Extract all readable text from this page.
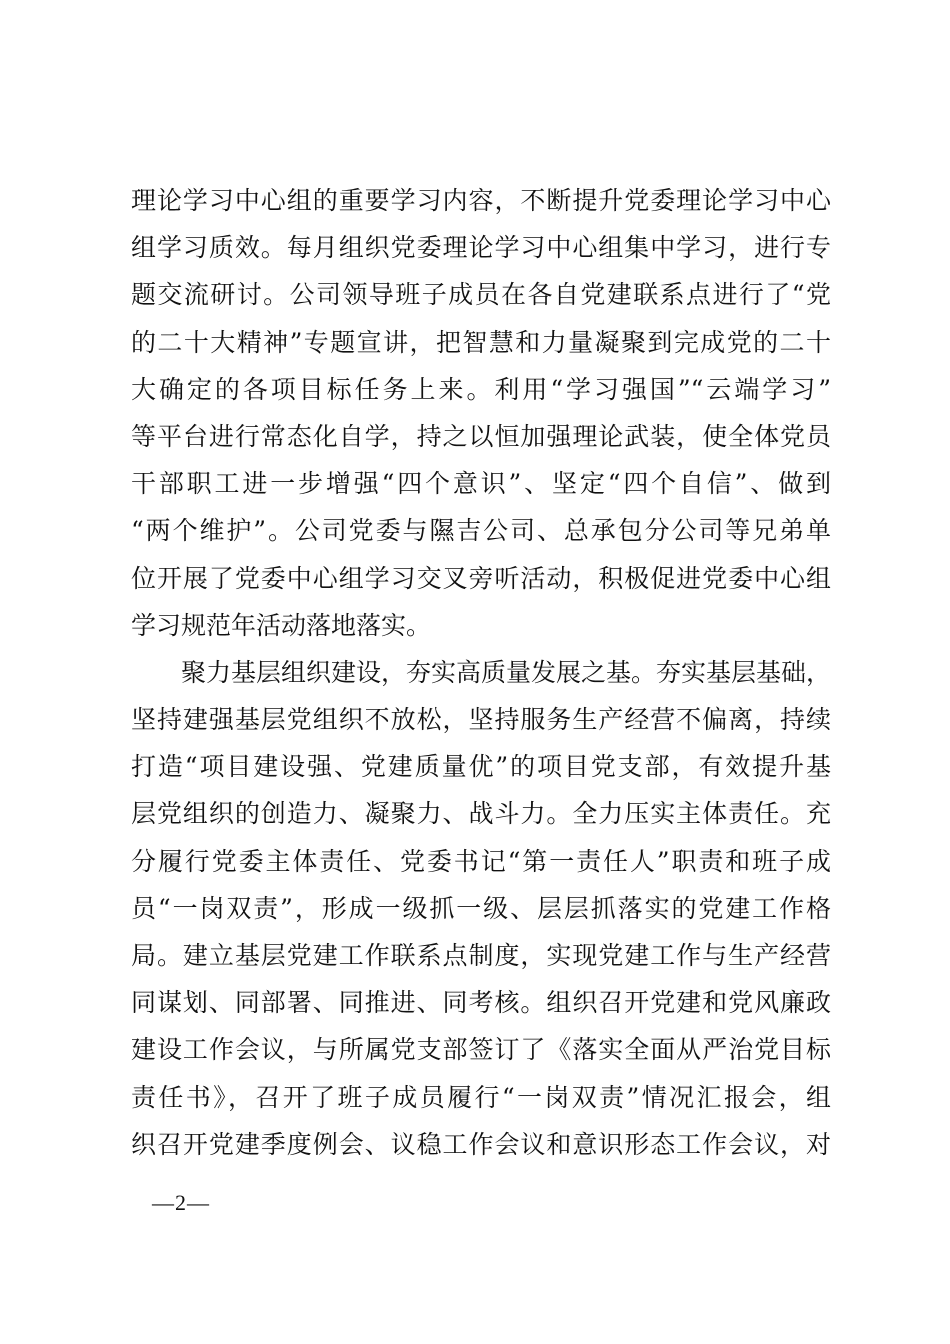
理论学习中心组的重要学习内容，不断提升党委理论学习中心
组学习质效。每月组织党委理论学习中心组集中学习，进行专
题交流研讨。公司领导班子成员在各自党建联系点进行了“党
的二十大精神”专题宣讲，把智慧和力量凝聚到完成党的二十
大确定的各项目标任务上来。利用“学习强国”“云端学习”
等平台进行常态化自学，持之以恒加强理论武装，使全体党员
干部职工进一步增强“四个意识”、坚定“四个自信”、做到
“两个维护”。公司党委与隰吉公司、总承包分公司等兄弟单
位开展了党委中心组学习交叉旁听活动，积极促进党委中心组
学习规范年活动落地落实。
聚力基层组织建设，夯实高质量发展之基。夯实基层基础，
坚持建强基层党组织不放松，坚持服务生产经营不偏离，持续
打造“项目建设强、党建质量优”的项目党支部，有效提升基
层党组织的创造力、凝聚力、战斗力。全力压实主体责任。充
分履行党委主体责任、党委书记“第一责任人”职责和班子成
员“一岗双责”，形成一级抓一级、层层抓落实的党建工作格
局。建立基层党建工作联系点制度，实现党建工作与生产经营
同谋划、同部署、同推进、同考核。组织召开党建和党风廉政
建设工作会议，与所属党支部签订了《落实全面从严治党目标
责任书》，召开了班子成员履行“一岗双责”情况汇报会，组
织召开党建季度例会、议稳工作会议和意识形态工作会议，对
—2—
